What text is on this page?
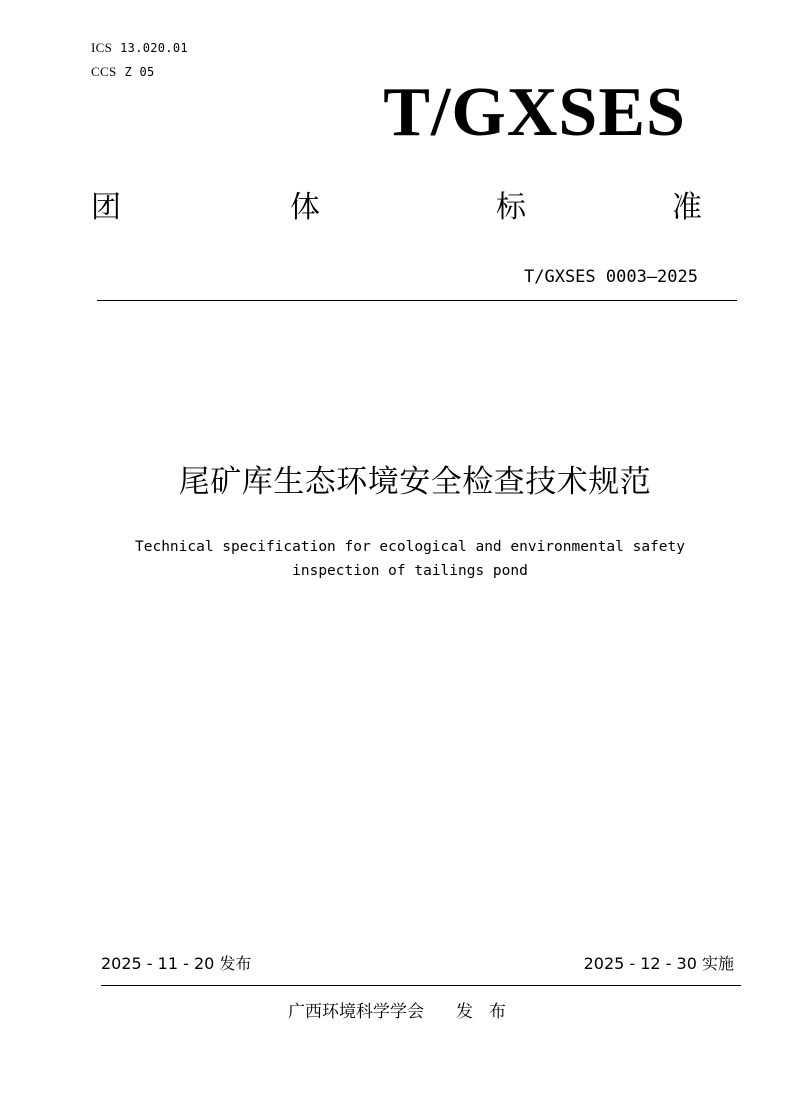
ICS 13.020.01
CCS Z 05
T/GXSES
团	体	标	准
T/GXSES 0003—2025
尾矿库生态环境安全检查技术规范
Technical specification for ecological and environmental safety
inspection of tailings pond
2025 - 11 - 20 发布	2025 - 12 - 30 实施
广西环境科学学会 发布
